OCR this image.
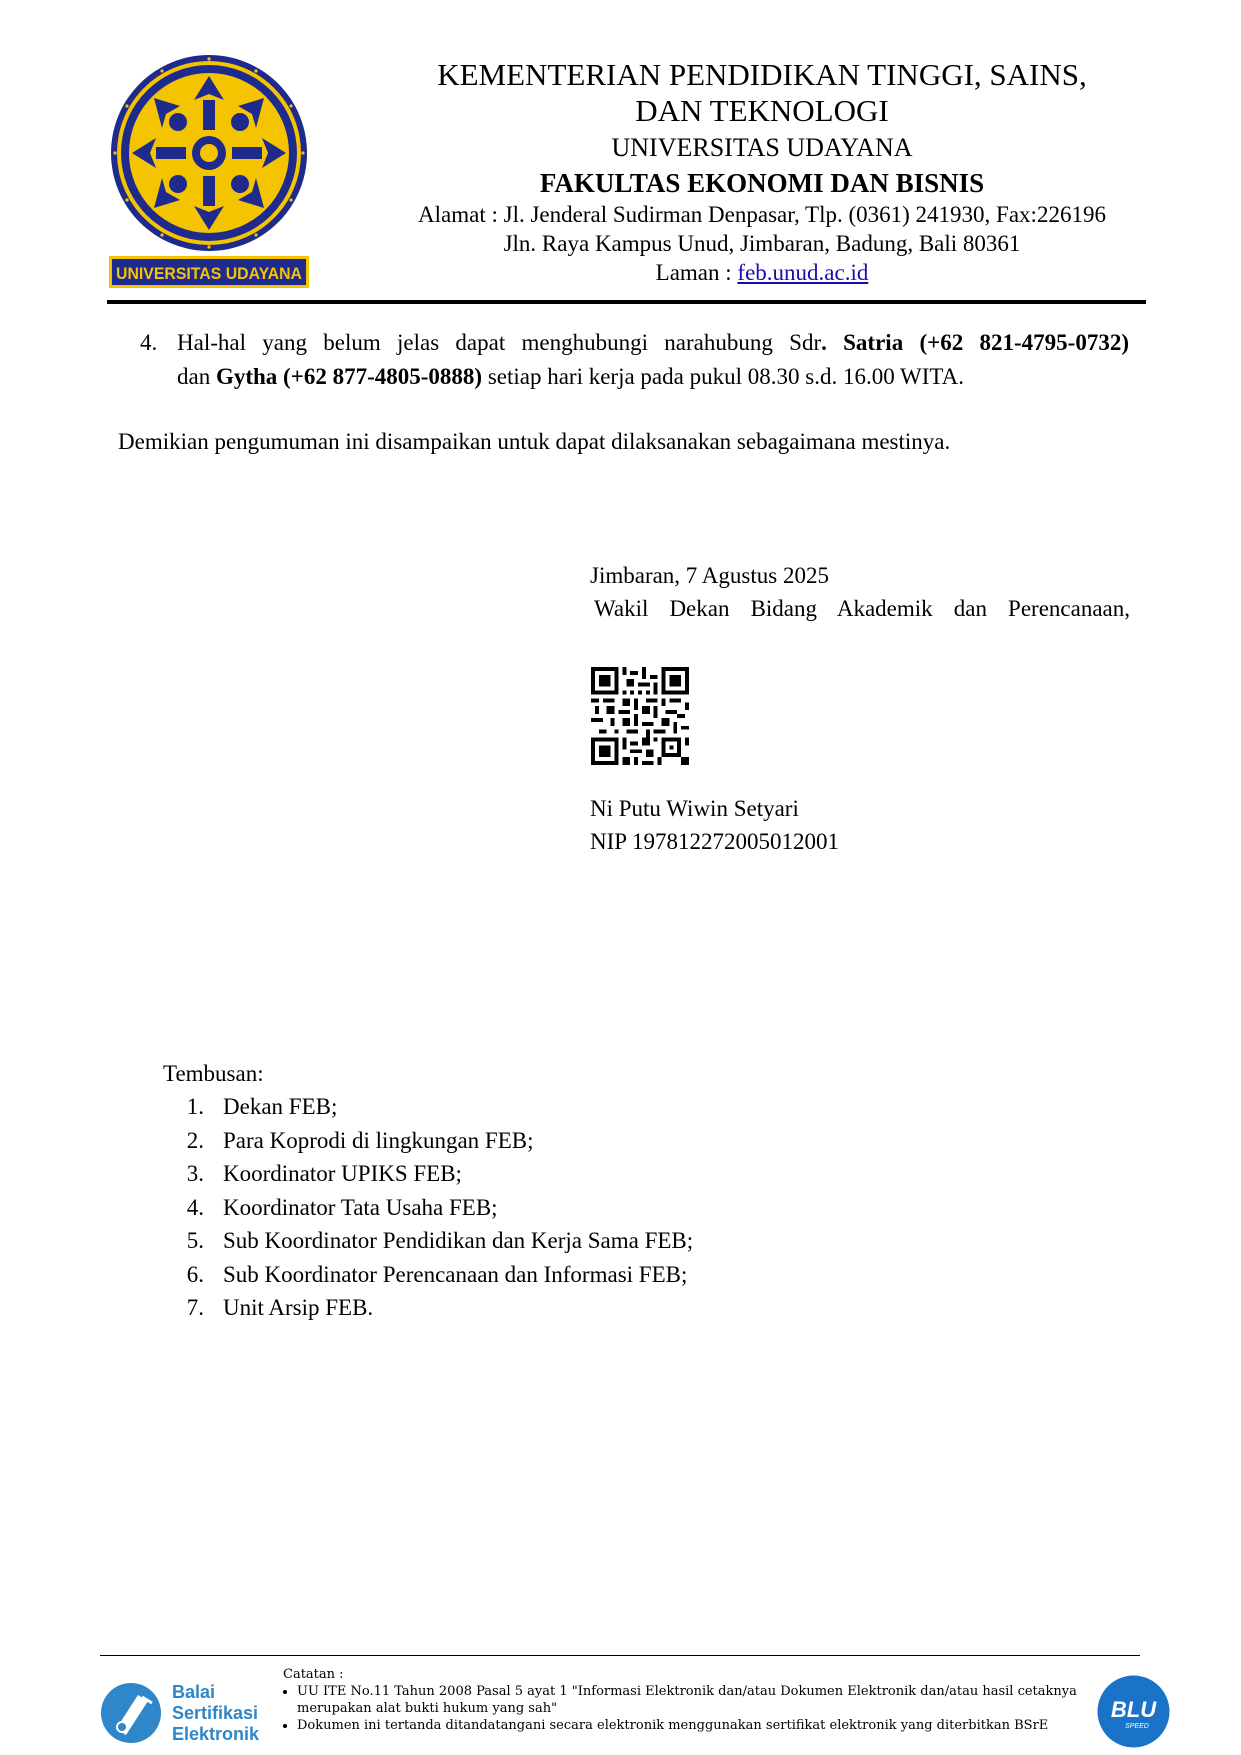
UNIVERSITAS UDAYANA
KEMENTERIAN PENDIDIKAN TINGGI, SAINS,
DAN TEKNOLOGI
UNIVERSITAS UDAYANA
FAKULTAS EKONOMI DAN BISNIS
Alamat : Jl. Jenderal Sudirman Denpasar, Tlp. (0361) 241930, Fax:226196
Jln. Raya Kampus Unud, Jimbaran, Badung, Bali 80361
Laman : feb.unud.ac.id
4. Hal-hal yang belum jelas dapat menghubungi narahubung Sdr. Satria (+62 821-4795-0732)
dan Gytha (+62 877-4805-0888) setiap hari kerja pada pukul 08.30 s.d. 16.00 WITA.
Demikian pengumuman ini disampaikan untuk dapat dilaksanakan sebagaimana mestinya.
Jimbaran, 7 Agustus 2025
Wakil Dekan Bidang Akademik dan Perencanaan,
Ni Putu Wiwin Setyari
NIP 197812272005012001
Tembusan:
1. Dekan FEB;
2. Para Koprodi di lingkungan FEB;
3. Koordinator UPIKS FEB;
4. Koordinator Tata Usaha FEB;
5. Sub Koordinator Pendidikan dan Kerja Sama FEB;
6. Sub Koordinator Perencanaan dan Informasi FEB;
7. Unit Arsip FEB.
Balai
Sertifikasi
Elektronik
Catatan :
• UU ITE No.11 Tahun 2008 Pasal 5 ayat 1 "Informasi Elektronik dan/atau Dokumen Elektronik dan/atau hasil cetaknya merupakan alat bukti hukum yang sah"
• Dokumen ini tertanda ditandatangani secara elektronik menggunakan sertifikat elektronik yang diterbitkan BSrE
BLU
SPEED
